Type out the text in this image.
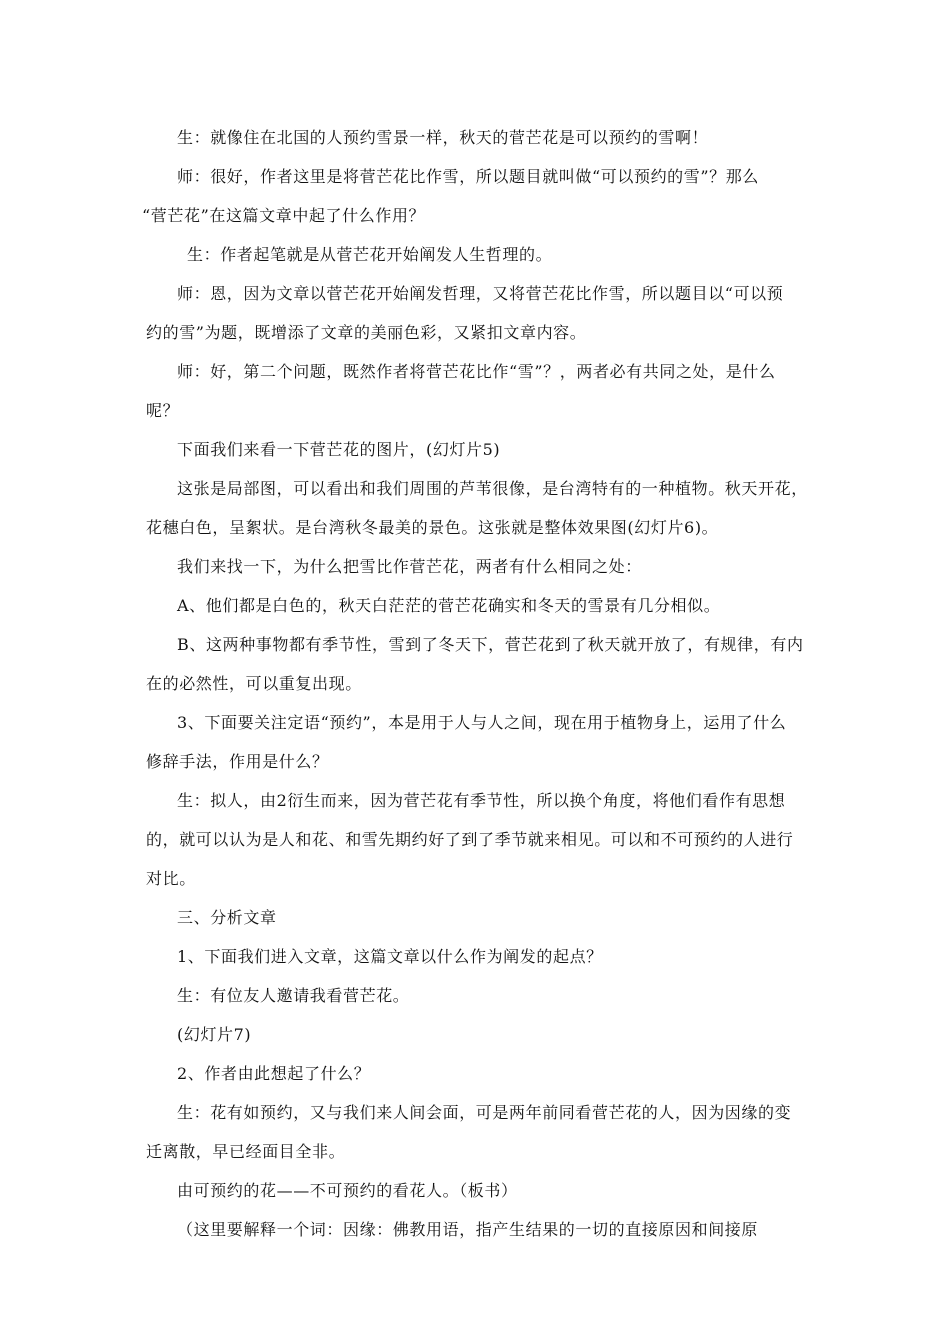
生：就像住在北国的人预约雪景一样，秋天的菅芒花是可以预约的雪啊！
师：很好，作者这里是将菅芒花比作雪，所以题目就叫做“可以预约的雪”？那么
“菅芒花”在这篇文章中起了什么作用？
生：作者起笔就是从菅芒花开始阐发人生哲理的。
师：恩，因为文章以菅芒花开始阐发哲理，又将菅芒花比作雪，所以题目以“可以预
约的雪”为题，既增添了文章的美丽色彩，又紧扣文章内容。
师：好，第二个问题，既然作者将菅芒花比作“雪”？，两者必有共同之处，是什么
呢？
下面我们来看一下菅芒花的图片，(幻灯片5)
这张是局部图，可以看出和我们周围的芦苇很像，是台湾特有的一种植物。秋天开花，
花穗白色，呈絮状。是台湾秋冬最美的景色。这张就是整体效果图(幻灯片6)。
我们来找一下，为什么把雪比作菅芒花，两者有什么相同之处：
A、他们都是白色的，秋天白茫茫的菅芒花确实和冬天的雪景有几分相似。
B、这两种事物都有季节性，雪到了冬天下，菅芒花到了秋天就开放了，有规律，有内
在的必然性，可以重复出现。
3、下面要关注定语“预约”，本是用于人与人之间，现在用于植物身上，运用了什么
修辞手法，作用是什么？
生：拟人，由2衍生而来，因为菅芒花有季节性，所以换个角度，将他们看作有思想
的，就可以认为是人和花、和雪先期约好了到了季节就来相见。可以和不可预约的人进行
对比。
三、分析文章
1、下面我们进入文章，这篇文章以什么作为阐发的起点？
生：有位友人邀请我看菅芒花。
(幻灯片7)
2、作者由此想起了什么？
生：花有如预约，又与我们来人间会面，可是两年前同看菅芒花的人，因为因缘的变
迁离散，早已经面目全非。
由可预约的花——不可预约的看花人。（板书）
（这里要解释一个词：因缘：佛教用语，指产生结果的一切的直接原因和间接原
